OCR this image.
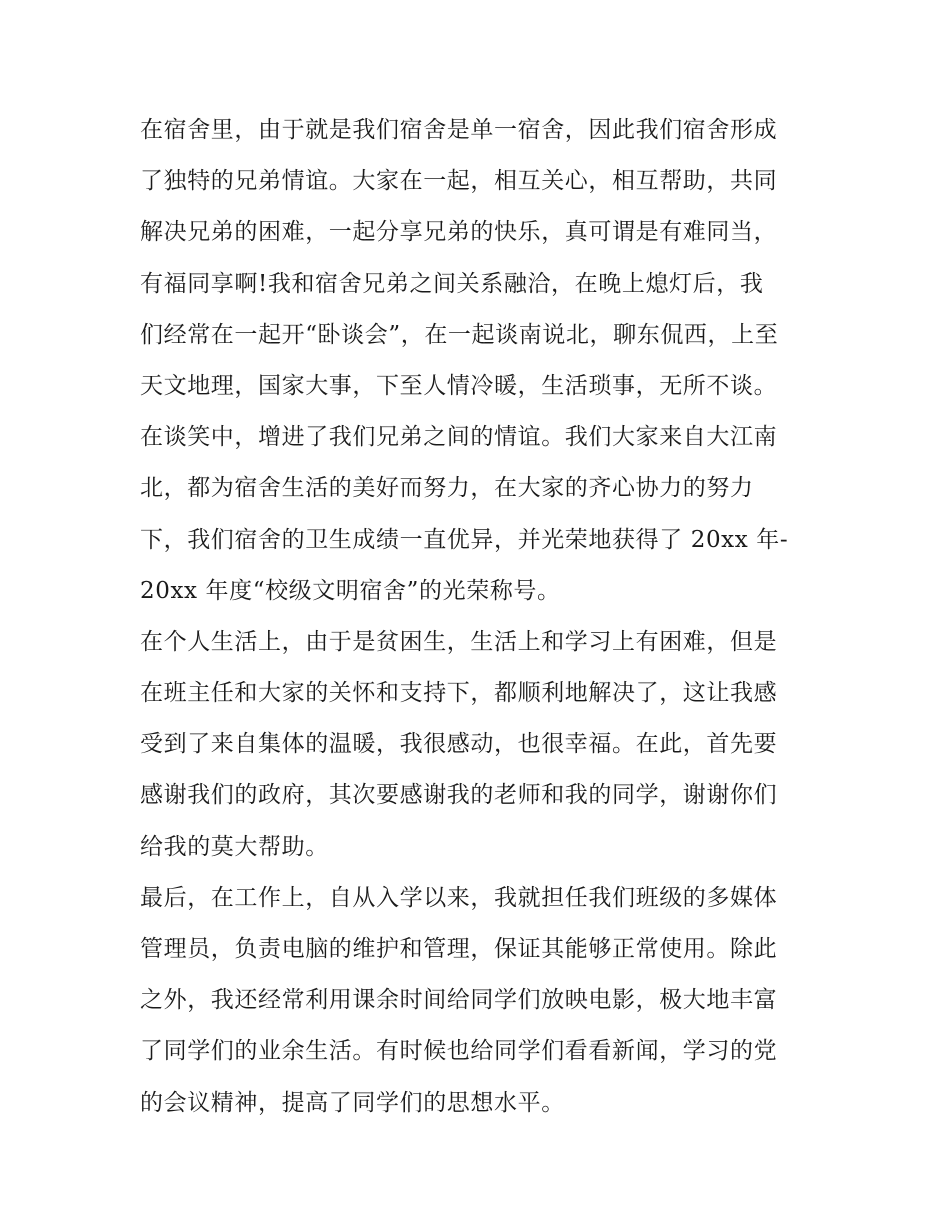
在宿舍里，由于就是我们宿舍是单一宿舍，因此我们宿舍形成
了独特的兄弟情谊。大家在一起，相互关心，相互帮助，共同
解决兄弟的困难，一起分享兄弟的快乐，真可谓是有难同当，
有福同享啊!我和宿舍兄弟之间关系融洽，在晚上熄灯后，我
们经常在一起开“卧谈会”，在一起谈南说北，聊东侃西，上至
天文地理，国家大事，下至人情冷暖，生活琐事，无所不谈。
在谈笑中，增进了我们兄弟之间的情谊。我们大家来自大江南
北，都为宿舍生活的美好而努力，在大家的齐心协力的努力
下，我们宿舍的卫生成绩一直优异，并光荣地获得了 20xx 年-
20xx 年度“校级文明宿舍”的光荣称号。
在个人生活上，由于是贫困生，生活上和学习上有困难，但是
在班主任和大家的关怀和支持下，都顺利地解决了，这让我感
受到了来自集体的温暖，我很感动，也很幸福。在此，首先要
感谢我们的政府，其次要感谢我的老师和我的同学，谢谢你们
给我的莫大帮助。
最后，在工作上，自从入学以来，我就担任我们班级的多媒体
管理员，负责电脑的维护和管理，保证其能够正常使用。除此
之外，我还经常利用课余时间给同学们放映电影，极大地丰富
了同学们的业余生活。有时候也给同学们看看新闻，学习的党
的会议精神，提高了同学们的思想水平。
